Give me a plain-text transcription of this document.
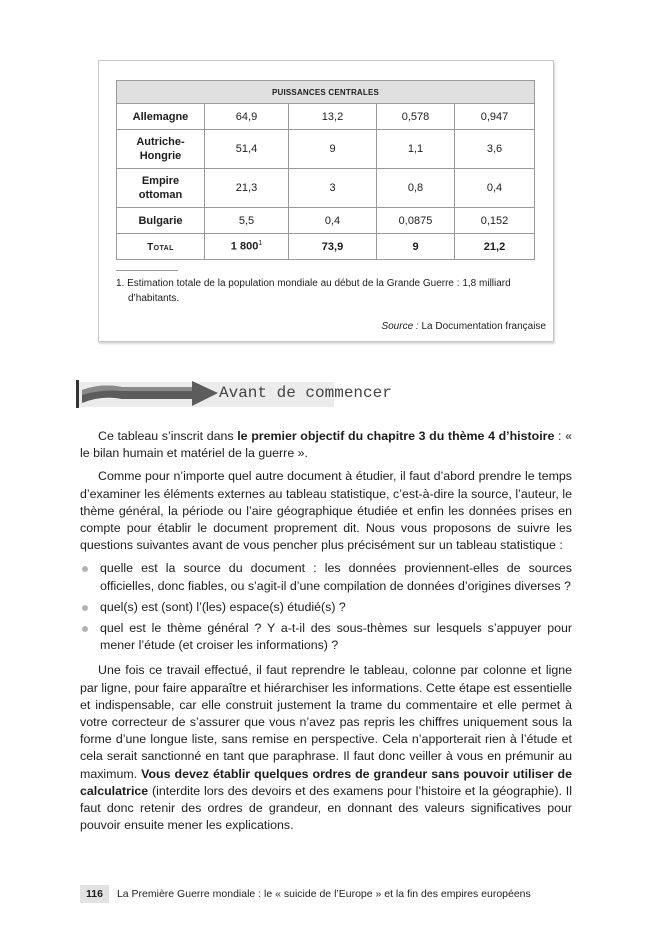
PUISSANCES CENTRALES				
Allemagne	64,9	13,2	0,578	0,947
Autriche-
Hongrie	51,4	9	1,1	3,6
Empire
ottoman	21,3	3	0,8	0,4
Bulgarie	5,5	0,4	0,0875	0,152
Total	1 $800^1$	73,9	9	21,2
1. Estimation totale de la population mondiale au début de la Grande Guerre : 1,8 milliard
d’habitants.
Source : La Documentation française
Avant de commencer

Ce tableau s’inscrit dans le premier objectif du chapitre 3 du thème 4 d’histoire : « le bilan humain et matériel de la guerre ».

Comme pour n’importe quel autre document à étudier, il faut d’abord prendre le temps d’examiner les éléments externes au tableau statistique, c’est-à-dire la source, l’auteur, le thème général, la période ou l’aire géographique étudiée et enfin les données prises en compte pour établir le document proprement dit. Nous vous proposons de suivre les questions suivantes avant de vous pencher plus précisément sur un tableau statistique :

quelle est la source du document : les données proviennent-elles de sources officielles, donc fiables, ou s’agit-il d’une compilation de données d’origines diverses ?
quel(s) est (sont) l’(les) espace(s) étudié(s) ?
quel est le thème général ? Y a-t-il des sous-thèmes sur lesquels s’appuyer pour mener l’étude (et croiser les informations) ?

Une fois ce travail effectué, il faut reprendre le tableau, colonne par colonne et ligne par ligne, pour faire apparaître et hiérarchiser les informations. Cette étape est essentielle et indispensable, car elle construit justement la trame du commentaire et elle permet à votre correcteur de s’assurer que vous n’avez pas repris les chiffres uniquement sous la forme d’une longue liste, sans remise en perspective. Cela n’apporterait rien à l’étude et cela serait sanctionné en tant que paraphrase. Il faut donc veiller à vous en prémunir au maximum. Vous devez établir quelques ordres de grandeur sans pouvoir utiliser de calculatrice (interdite lors des devoirs et des examens pour l’histoire et la géographie). Il faut donc retenir des ordres de grandeur, en donnant des valeurs significatives pour pouvoir ensuite mener les explications.

116	La Première Guerre mondiale : le « suicide de l’Europe » et la fin des empires européens
